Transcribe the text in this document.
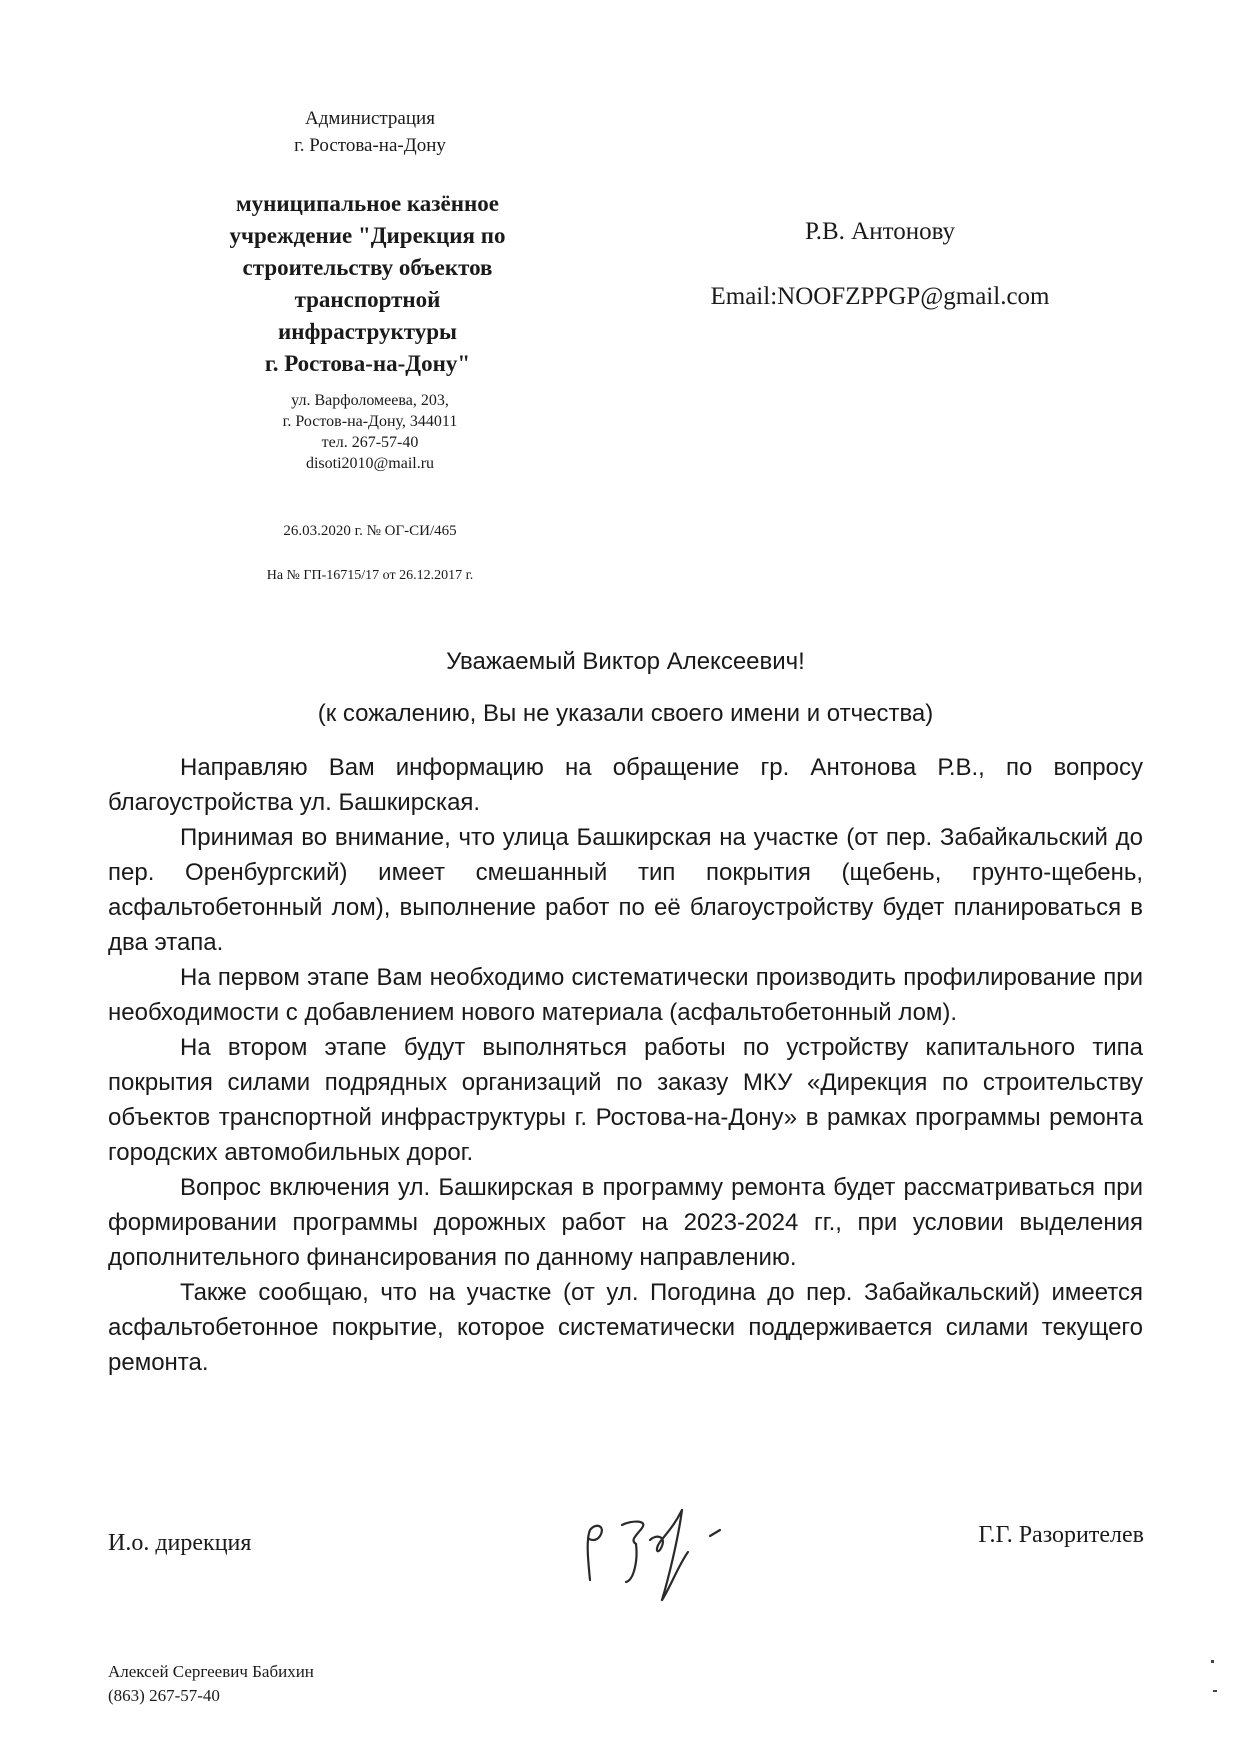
Администрация
г. Ростова-на-Дону
муниципальное казённое
учреждение "Дирекция по
строительству объектов
транспортной
инфраструктуры
г. Ростова-на-Дону"
ул. Варфоломеева, 203,
г. Ростов-на-Дону, 344011
тел. 267-57-40
disoti2010@mail.ru
26.03.2020 г. № ОГ-СИ/465
На № ГП-16715/17 от 26.12.2017 г.
Р.В. Антонову
Email:NOOFZPPGP@gmail.com
Уважаемый Виктор Алексеевич!
(к сожалению, Вы не указали своего имени и отчества)

Направляю Вам информацию на обращение гр. Антонова Р.В., по вопросу благоустройства ул. Башкирская.

Принимая во внимание, что улица Башкирская на участке (от пер. Забайкальский до пер. Оренбургский) имеет смешанный тип покрытия (щебень, грунто-щебень, асфальтобетонный лом), выполнение работ по её благоустройству будет планироваться в два этапа.

На первом этапе Вам необходимо систематически производить профилирование при необходимости с добавлением нового материала (асфальтобетонный лом).

На втором этапе будут выполняться работы по устройству капитального типа покрытия силами подрядных организаций по заказу МКУ «Дирекция по строительству объектов транспортной инфраструктуры г. Ростова-на-Дону» в рамках программы ремонта городских автомобильных дорог.

Вопрос включения ул. Башкирская в программу ремонта будет рассматриваться при формировании программы дорожных работ на 2023-2024 гг., при условии выделения дополнительного финансирования по данному направлению.

Также сообщаю, что на участке (от ул. Погодина до пер. Забайкальский) имеется асфальтобетонное покрытие, которое систематически поддерживается силами текущего ремонта.

И.о. дирекция	Г.Г. Разорителев
Алексей Сергеевич Бабихин
(863) 267-57-40
